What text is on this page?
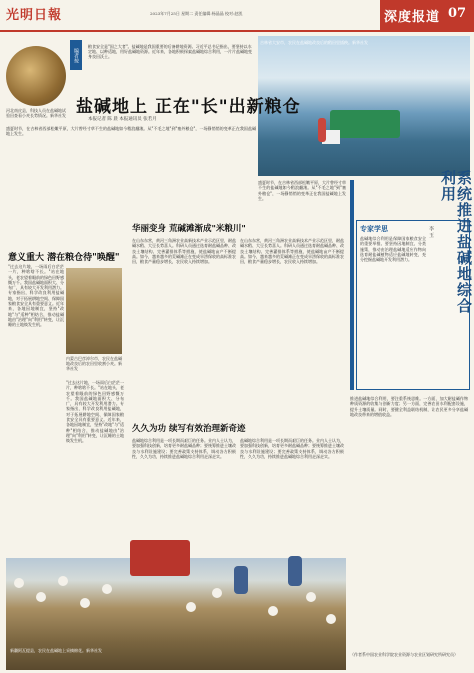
光明日報	2023年7月25日 星期二 责任编辑:杨晶晶 校对:赵凯	深度报道 07
河北南皮县，科技人员在盐碱地试验田查看小麦长势情况。新华社发
编者按
粮食安全是"国之大者"。盐碱地是我国重要的后备耕地资源。习近平总书记指出，要坚持以水定地、以种适地，用好盐碱地资源。近年来，各地积极探索盐碱地综合利用，一片片盐碱地变身良田沃土。
吉林省大安市，农民在盐碱地改良后的稻田里插秧。新华社发
盐碱地上 正在"长"出新粮仓
本报记者 陈 晨 本报通讯员 张若月
盛夏时节，在吉林省西部松嫩平原，大片曾经寸草不生的盐碱地如今稻浪翻滚。从"不毛之地"到"塞外粮仓"，一场静悄悄的变革正在我国盐碱地上发生。
意义重大 潜在粮仓待"唤醒"
"过去这片地，一场雨后白茫茫一片，种啥啥不长。"站在地头，老农望着眼前的绿色田野感慨万千。我国盐碱地面积大、分布广，具有较大开发利用潜力。专家指出，科学改良利用盐碱地，对于拓展耕地空间、保障国家粮食安全具有重要意义。近年来，各地因地制宜，坚持"改地"与"适种"相结合，推动盐碱地由"治理"向"利用"转变，让沉睡的土地焕发生机。
内蒙古巴彦淖尔市，农民在盐碱地改良后的农田里收割小麦。新华社发
"过去这片地，一场雨后白茫茫一片，种啥啥不长。"站在地头，老农望着眼前的绿色田野感慨万千。我国盐碱地面积大、分布广，具有较大开发利用潜力。专家指出，科学改良利用盐碱地，对于拓展耕地空间、保障国家粮食安全具有重要意义。近年来，各地因地制宜，坚持"改地"与"适种"相结合，推动盐碱地由"治理"向"利用"转变，让沉睡的土地焕发生机。
华丽变身 荒碱滩渐成"米粮川"
在山东东营，黄河三角洲农业高新技术产业示范区里，耐盐碱水稻、大豆长势喜人。科研人员通过选育耐盐碱品种、改良土壤结构、完善灌排体系等措施，使盐碱地亩产不断提高。如今，越来越多的荒碱滩正在变成旱涝保收的高标准农田，粮食产量稳步增长，农民收入持续增加。
在山东东营，黄河三角洲农业高新技术产业示范区里，耐盐碱水稻、大豆长势喜人。科研人员通过选育耐盐碱品种、改良土壤结构、完善灌排体系等措施，使盐碱地亩产不断提高。如今，越来越多的荒碱滩正在变成旱涝保收的高标准农田，粮食产量稳步增长，农民收入持续增加。
久久为功 续写有效治理新奇迹
盐碱地综合利用是一项长期而艰巨的任务。业内人士认为，要加强科技创新，培育更多耐盐碱品种；要统筹推进土壤改良与水利设施建设；要完善政策支持体系，调动各方积极性，久久为功，持续推进盐碱地综合利用走深走实。
盐碱地综合利用是一项长期而艰巨的任务。业内人士认为，要加强科技创新，培育更多耐盐碱品种；要统筹推进土壤改良与水利设施建设；要完善政策支持体系，调动各方积极性，久久为功，持续推进盐碱地综合利用走深走实。
盛夏时节，在吉林省西部松嫩平原，大片曾经寸草不生的盐碱地如今稻浪翻滚。从"不毛之地"到"塞外粮仓"，一场静悄悄的变革正在我国盐碱地上发生。
专家学思
盐碱地综合利用是保障国家粮食安全的重要举措。要坚持因地制宜、分类施策，推动由治理盐碱地适应作物向选育耐盐碱植物适应盐碱地转变，充分挖掘盐碱地开发利用潜力。	系统推进盐碱地综合利用
李 玉
推进盐碱地综合利用，要注重系统思维。一方面，加大耐盐碱作物种质资源的收集与创新力度；另一方面，完善农田水利配套设施，提升土壤质量。同时，要健全利益联结机制，让农民更多分享盐碱地改良带来的增值收益。
（作者系中国农业科学院农业资源与农业区划研究所研究员）
新疆阿瓦提县，农民在盐碱地上采摘棉花。新华社发
